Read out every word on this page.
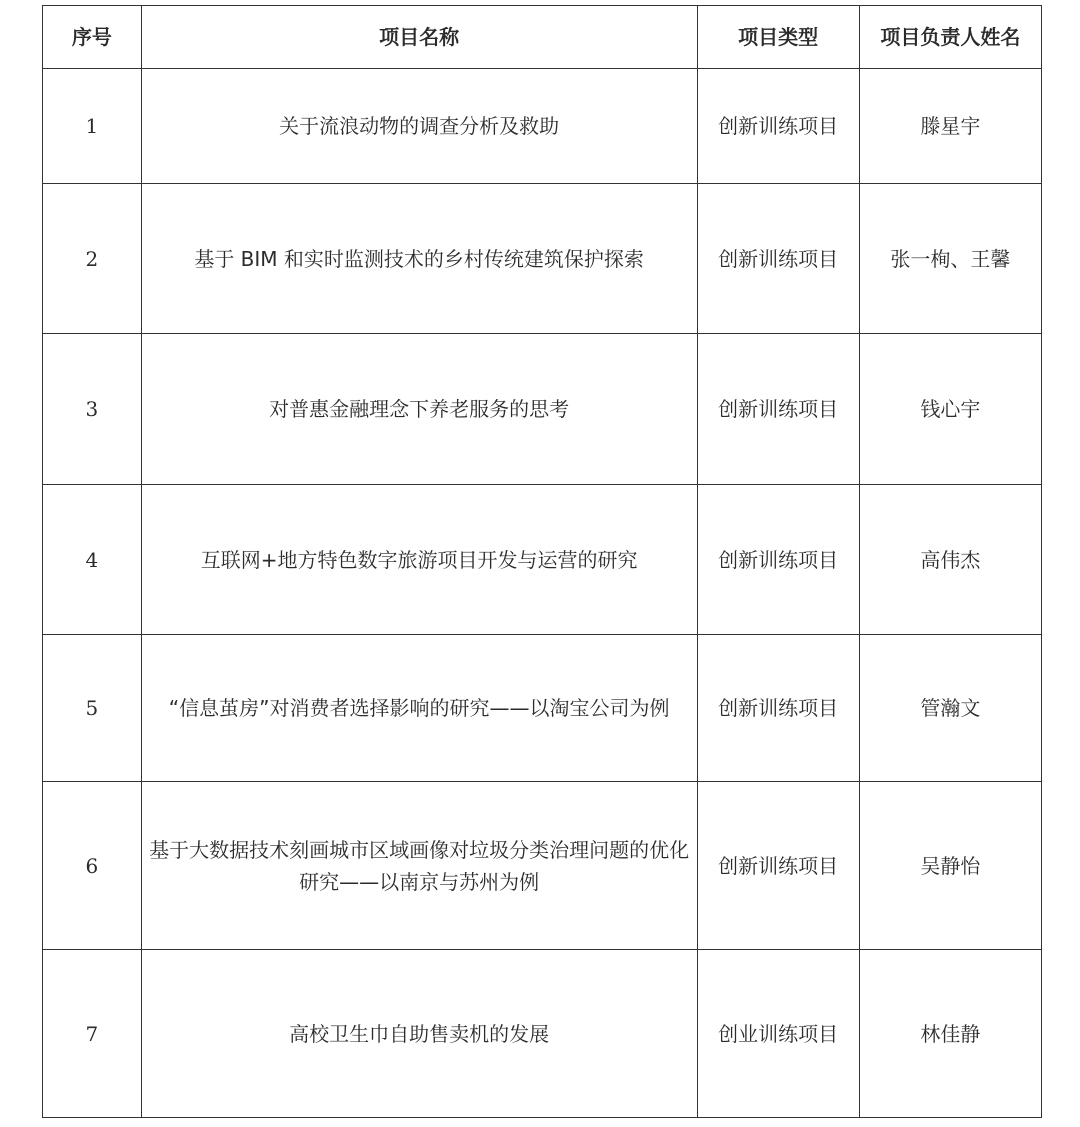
序号	项目名称	项目类型	项目负责人姓名
1	关于流浪动物的调查分析及救助	创新训练项目	滕星宇
2	基于 BIM 和实时监测技术的乡村传统建筑保护探索	创新训练项目	张一栒、王馨
3	对普惠金融理念下养老服务的思考	创新训练项目	钱心宇
4	互联网+地方特色数字旅游项目开发与运营的研究	创新训练项目	高伟杰
5	“信息茧房”对消费者选择影响的研究——以淘宝公司为例	创新训练项目	管瀚文
6	基于大数据技术刻画城市区域画像对垃圾分类治理问题的优化研究——以南京与苏州为例	创新训练项目	吴静怡
7	高校卫生巾自助售卖机的发展	创业训练项目	林佳静
